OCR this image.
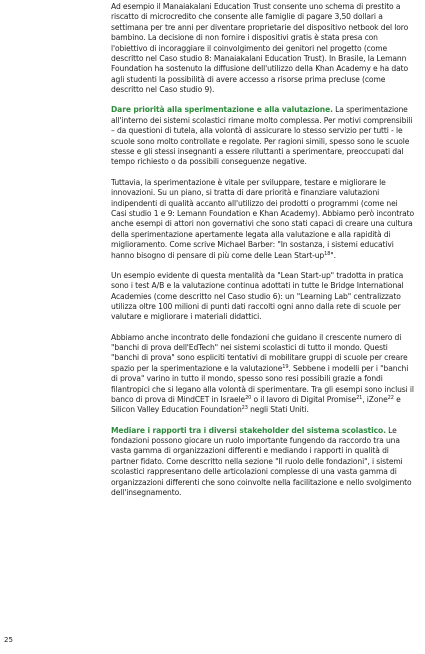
Ad esempio il Manaiakalani Education Trust consente uno schema di prestito a riscatto di microcredito che consente alle famiglie di pagare 3,50 dollari a settimana per tre anni per diventare proprietarie del dispositivo netbook del loro bambino. La decisione di non fornire i dispositivi gratis è stata presa con l'obiettivo di incoraggiare il coinvolgimento dei genitori nel progetto (come descritto nel Caso studio 8: Manaiakalani Education Trust). In Brasile, la Lemann Foundation ha sostenuto la diffusione dell'utilizzo della Khan Academy e ha dato agli studenti la possibilità di avere accesso a risorse prima precluse (come descritto nel Caso studio 9).

Dare priorità alla sperimentazione e alla valutazione. La sperimentazione all'interno dei sistemi scolastici rimane molto complessa. Per motivi comprensibili – da questioni di tutela, alla volontà di assicurare lo stesso servizio per tutti - le scuole sono molto controllate e regolate. Per ragioni simili, spesso sono le scuole stesse e gli stessi insegnanti a essere riluttanti a sperimentare, preoccupati dal tempo richiesto o da possibili conseguenze negative.

Tuttavia, la sperimentazione è vitale per sviluppare, testare e migliorare le innovazioni. Su un piano, si tratta di dare priorità e finanziare valutazioni indipendenti di qualità accanto all'utilizzo dei prodotti o programmi (come nei Casi studio 1 e 9: Lemann Foundation e Khan Academy). Abbiamo però incontrato anche esempi di attori non governativi che sono stati capaci di creare una cultura della sperimentazione apertamente legata alla valutazione e alla rapidità di miglioramento. Come scrive Michael Barber: "In sostanza, i sistemi educativi hanno bisogno di pensare di più come delle Lean Start-$up^{18}$".

Un esempio evidente di questa mentalità da "Lean Start-up" tradotta in pratica sono i test A/B e la valutazione continua adottati in tutte le Bridge International Academies (come descritto nel Caso studio 6): un "Learning Lab" centralizzato utilizza oltre 100 milioni di punti dati raccolti ogni anno dalla rete di scuole per valutare e migliorare i materiali didattici.

Abbiamo anche incontrato delle fondazioni che guidano il crescente numero di "banchi di prova dell'EdTech" nei sistemi scolastici di tutto il mondo. Questi "banchi di prova" sono espliciti tentativi di mobilitare gruppi di scuole per creare spazio per la sperimentazione e la valutazione$^{19}$. Sebbene i modelli per i "banchi di prova" varino in tutto il mondo, spesso sono resi possibili grazie a fondi filantropici che si legano alla volontà di sperimentare. Tra gli esempi sono inclusi il banco di prova di MindCET in Israele$^{20}$ o il lavoro di Digital Promise$^{21}$, iZone$^{22}$ e Silicon Valley Education Foundation$^{23}$ negli Stati Uniti.

Mediare i rapporti tra i diversi stakeholder del sistema scolastico. Le fondazioni possono giocare un ruolo importante fungendo da raccordo tra una vasta gamma di organizzazioni differenti e mediando i rapporti in qualità di partner fidato. Come descritto nella sezione "Il ruolo delle fondazioni", i sistemi scolastici rappresentano delle articolazioni complesse di una vasta gamma di organizzazioni differenti che sono coinvolte nella facilitazione e nello svolgimento dell'insegnamento.

25
